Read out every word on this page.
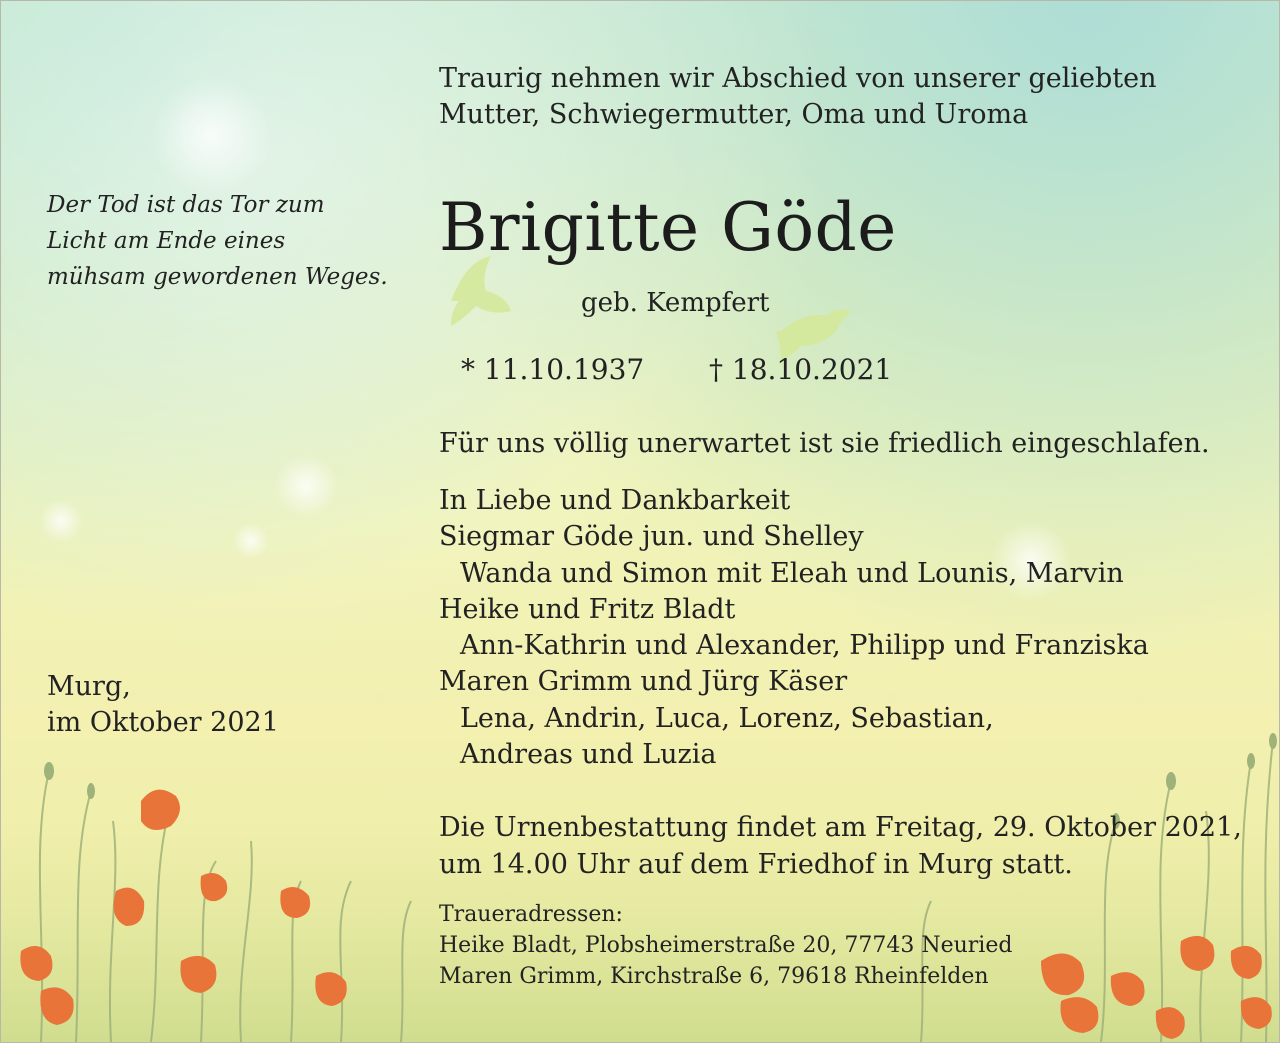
Traurig nehmen wir Abschied von unserer geliebten
Mutter, Schwiegermutter, Oma und Uroma
Der Tod ist das Tor zum
Licht am Ende eines
mühsam gewordenen Weges.
Brigitte Göde
geb. Kempfert
* 11.10.1937 † 18.10.2021
Für uns völlig unerwartet ist sie friedlich eingeschlafen.
In Liebe und Dankbarkeit
Siegmar Göde jun. und Shelley
Wanda und Simon mit Eleah und Lounis, Marvin
Heike und Fritz Bladt
Ann-Kathrin und Alexander, Philipp und Franziska
Maren Grimm und Jürg Käser
Lena, Andrin, Luca, Lorenz, Sebastian,
Andreas und Luzia
Murg,
im Oktober 2021
Die Urnenbestattung findet am Freitag, 29. Oktober 2021,
um 14.00 Uhr auf dem Friedhof in Murg statt.
Traueradressen:
Heike Bladt, Plobsheimerstraße 20, 77743 Neuried
Maren Grimm, Kirchstraße 6, 79618 Rheinfelden
